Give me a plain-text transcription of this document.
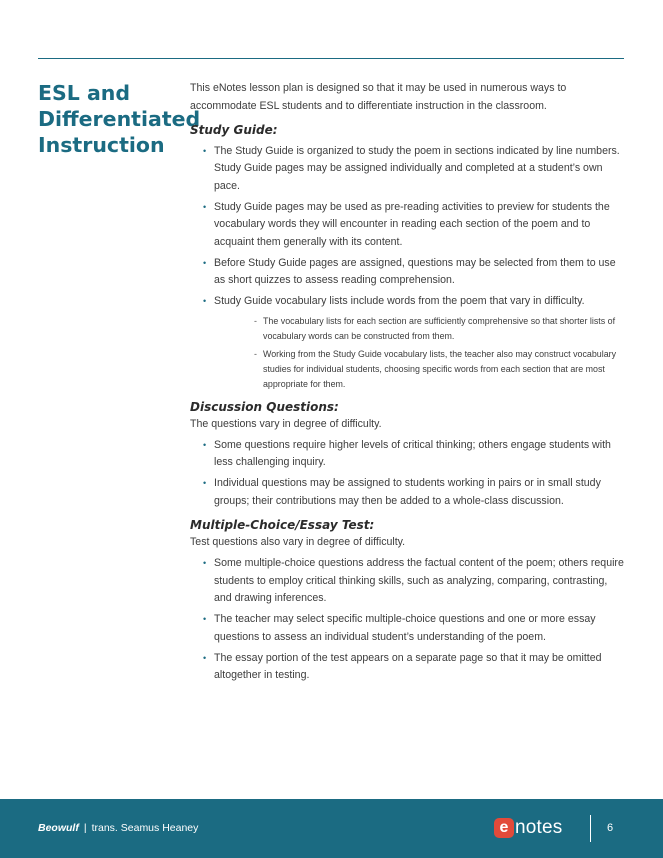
ESL and Differentiated Instruction

This eNotes lesson plan is designed so that it may be used in numerous ways to accommodate ESL students and to differentiate instruction in the classroom.

Study Guide:
• The Study Guide is organized to study the poem in sections indicated by line numbers. Study Guide pages may be assigned individually and completed at a student’s own pace.
• Study Guide pages may be used as pre-reading activities to preview for students the vocabulary words they will encounter in reading each section of the poem and to acquaint them generally with its content.
• Before Study Guide pages are assigned, questions may be selected from them to use as short quizzes to assess reading comprehension.
• Study Guide vocabulary lists include words from the poem that vary in difficulty.
- The vocabulary lists for each section are sufficiently comprehensive so that shorter lists of vocabulary words can be constructed from them.
- Working from the Study Guide vocabulary lists, the teacher also may construct vocabulary studies for individual students, choosing specific words from each section that are most appropriate for them.
Discussion Questions:

The questions vary in degree of difficulty.

• Some questions require higher levels of critical thinking; others engage students with less challenging inquiry.
• Individual questions may be assigned to students working in pairs or in small study groups; their contributions may then be added to a whole-class discussion.
Multiple-Choice/Essay Test:

Test questions also vary in degree of difficulty.

• Some multiple-choice questions address the factual content of the poem; others require students to employ critical thinking skills, such as analyzing, comparing, contrasting, and drawing inferences.
• The teacher may select specific multiple-choice questions and one or more essay questions to assess an individual student’s understanding of the poem.
• The essay portion of the test appears on a separate page so that it may be omitted altogether in testing.
Beowulf | trans. Seamus Heaney	e notes	6
